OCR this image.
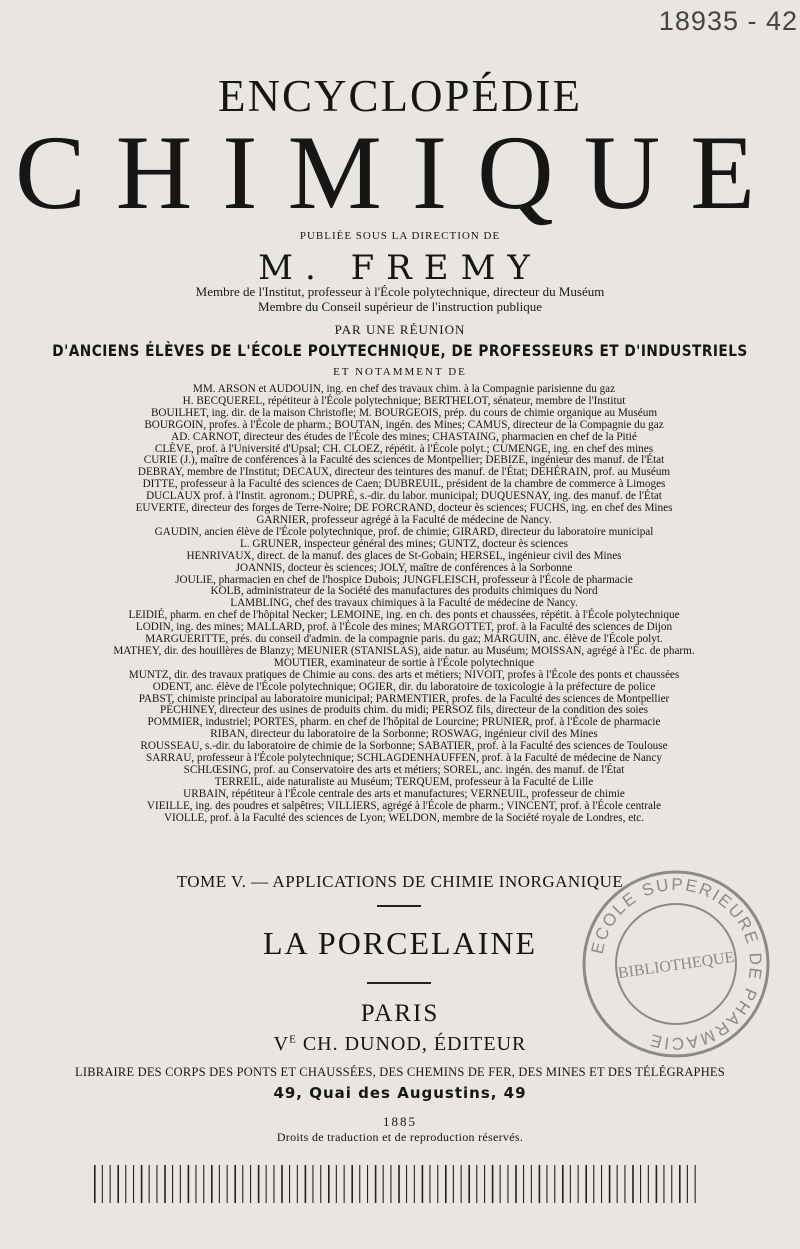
18935 - 42
ENCYCLOPÉDIE
CHIMIQUE
PUBLIÉE SOUS LA DIRECTION DE
M. FREMY
Membre de l'Institut, professeur à l'École polytechnique, directeur du Muséum
Membre du Conseil supérieur de l'instruction publique
PAR UNE RÉUNION
D'ANCIENS ÉLÈVES DE L'ÉCOLE POLYTECHNIQUE, DE PROFESSEURS ET D'INDUSTRIELS
ET NOTAMMENT DE
MM. ARSON et AUDOUIN, ing. en chef des travaux chim. à la Compagnie parisienne du gaz
H. BECQUEREL, répétiteur à l'École polytechnique; BERTHELOT, sénateur, membre de l'Institut
BOUILHET, ing. dir. de la maison Christofle; M. BOURGEOIS, prép. du cours de chimie organique au Muséum
BOURGOIN, profes. à l'École de pharm.; BOUTAN, ingén. des Mines; CAMUS, directeur de la Compagnie du gaz
AD. CARNOT, directeur des études de l'École des mines; CHASTAING, pharmacien en chef de la Pitié
CLÈVE, prof. à l'Université d'Upsal; CH. CLOEZ, répétit. à l'École polyt.; CUMENGE, ing. en chef des mines
CURIE (J.), maître de conférences à la Faculté des sciences de Montpellier; DEBIZE, ingénieur des manuf. de l'État
DEBRAY, membre de l'Institut; DECAUX, directeur des teintures des manuf. de l'État; DEHÉRAIN, prof. au Muséum
DITTE, professeur à la Faculté des sciences de Caen; DUBREUIL, président de la chambre de commerce à Limoges
DUCLAUX prof. à l'Instit. agronom.; DUPRÉ, s.-dir. du labor. municipal; DUQUESNAY, ing. des manuf. de l'État
EUVERTE, directeur des forges de Terre-Noire; DE FORCRAND, docteur ès sciences; FUCHS, ing. en chef des Mines
GARNIER, professeur agrégé à la Faculté de médecine de Nancy.
GAUDIN, ancien élève de l'École polytechnique, prof. de chimie; GIRARD, directeur du laboratoire municipal
L. GRUNER, inspecteur général des mines; GUNTZ, docteur ès sciences
HENRIVAUX, direct. de la manuf. des glaces de St-Gobain; HERSEL, ingénieur civil des Mines
JOANNIS, docteur ès sciences; JOLY, maître de conférences à la Sorbonne
JOULIE, pharmacien en chef de l'hospice Dubois; JUNGFLEISCH, professeur à l'École de pharmacie
KOLB, administrateur de la Société des manufactures des produits chimiques du Nord
LAMBLING, chef des travaux chimiques à la Faculté de médecine de Nancy.
LEIDIÉ, pharm. en chef de l'hôpital Necker; LEMOINE, ing. en ch. des ponts et chaussées, répétit. à l'École polytechnique
LODIN, ing. des mines; MALLARD, prof. à l'École des mines; MARGOTTET, prof. à la Faculté des sciences de Dijon
MARGUERITTE, prés. du conseil d'admin. de la compagnie paris. du gaz; MARGUIN, anc. élève de l'École polyt.
MATHEY, dir. des houillères de Blanzy; MEUNIER (STANISLAS), aide natur. au Muséum; MOISSAN, agrégé à l'Éc. de pharm.
MOUTIER, examinateur de sortie à l'École polytechnique
MUNTZ, dir. des travaux pratiques de Chimie au cons. des arts et métiers; NIVOIT, profes à l'École des ponts et chaussées
ODENT, anc. élève de l'École polytechnique; OGIER, dir. du laboratoire de toxicologie à la préfecture de police
PABST, chimiste principal au laboratoire municipal; PARMENTIER, profes. de la Faculté des sciences de Montpellier
PÉCHINEY, directeur des usines de produits chim. du midi; PERSOZ fils, directeur de la condition des soies
POMMIER, industriel; PORTES, pharm. en chef de l'hôpital de Lourcine; PRUNIER, prof. à l'École de pharmacie
RIBAN, directeur du laboratoire de la Sorbonne; ROSWAG, ingénieur civil des Mines
ROUSSEAU, s.-dir. du laboratoire de chimie de la Sorbonne; SABATIER, prof. à la Faculté des sciences de Toulouse
SARRAU, professeur à l'École polytechnique; SCHLAGDENHAUFFEN, prof. à la Faculté de médecine de Nancy
SCHLŒSING, prof. au Conservatoire des arts et métiers; SOREL, anc. ingén. des manuf. de l'État
TERREIL, aide naturaliste au Muséum; TERQUEM, professeur à la Faculté de Lille
URBAIN, répétiteur à l'École centrale des arts et manufactures; VERNEUIL, professeur de chimie
VIEILLE, ing. des poudres et salpêtres; VILLIERS, agrégé à l'École de pharm.; VINCENT, prof. à l'École centrale
VIOLLE, prof. à la Faculté des sciences de Lyon; WELDON, membre de la Société royale de Londres, etc.
TOME V. — APPLICATIONS DE CHIMIE INORGANIQUE
LA PORCELAINE
PARIS
$V^E$ CH. DUNOD, ÉDITEUR
LIBRAIRE DES CORPS DES PONTS ET CHAUSSÉES, DES CHEMINS DE FER, DES MINES ET DES TÉLÉGRAPHES
49, Quai des Augustins, 49
1885
Droits de traduction et de reproduction réservés.
ECOLE SUPERIEURE DE PHARMACIE
BIBLIOTHEQUE
